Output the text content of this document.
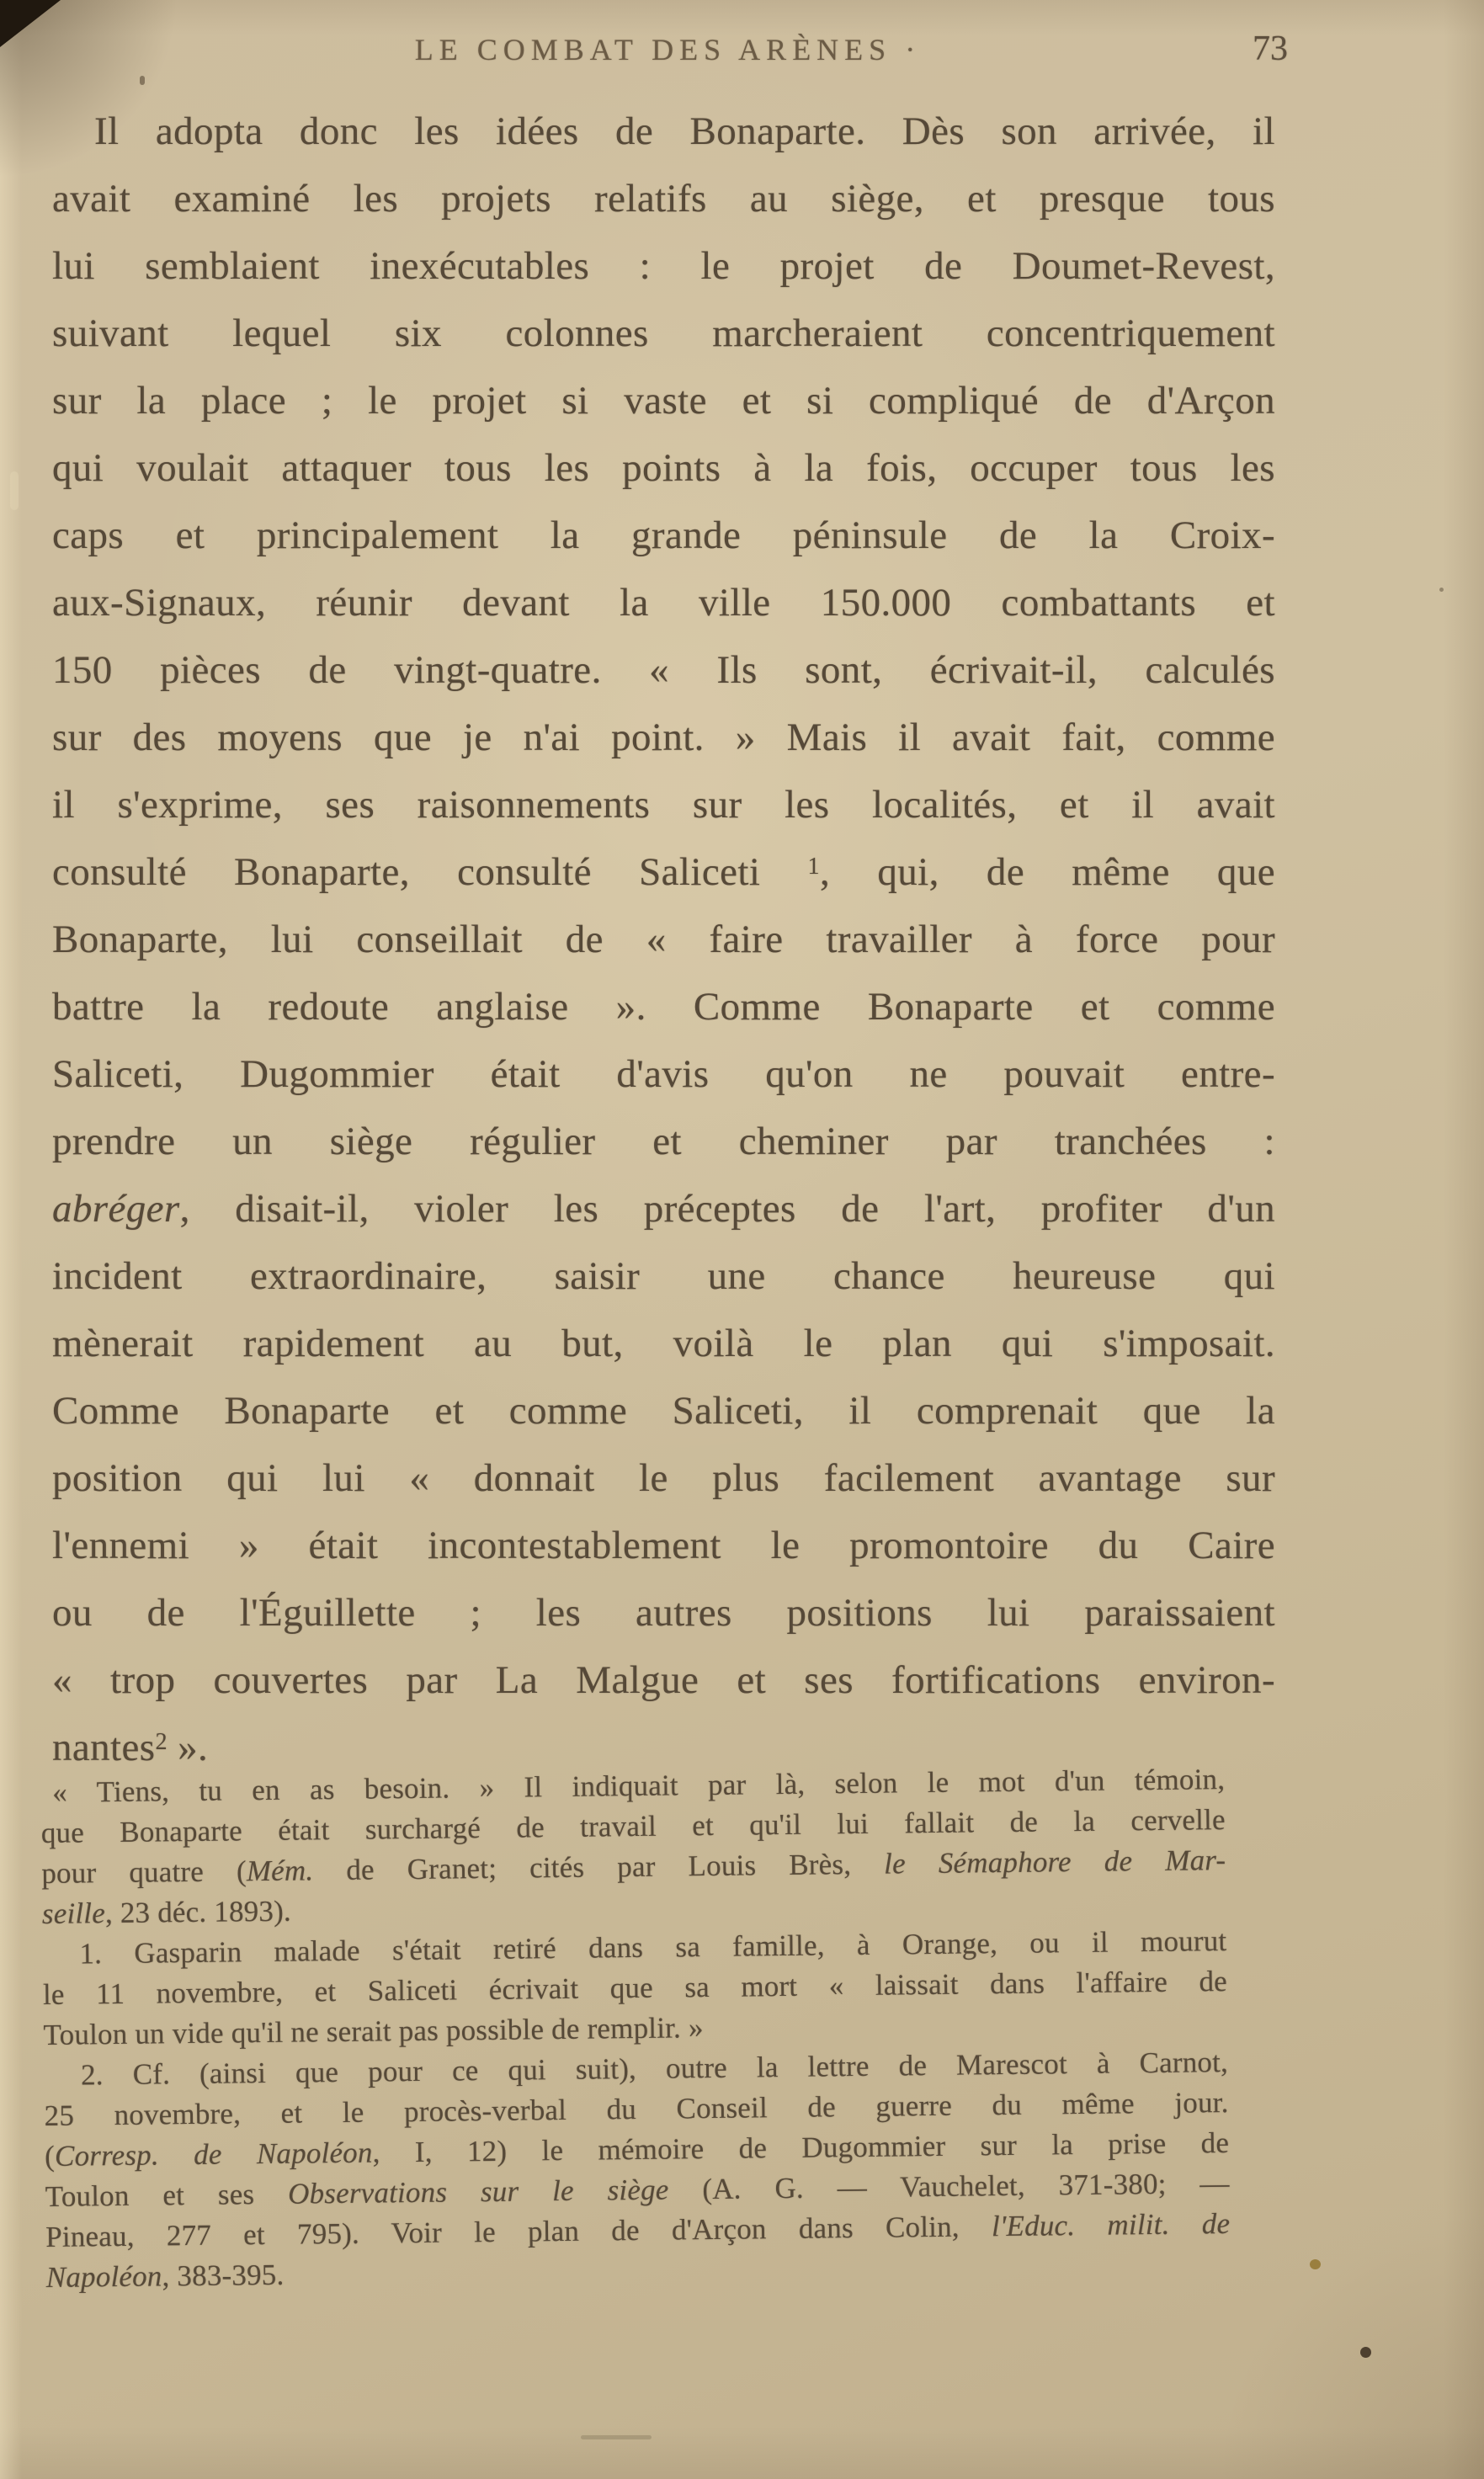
LE COMBAT DES ARÈNES ·	73
Il adopta donc les idées de Bonaparte. Dès son arrivée, il
avait examiné les projets relatifs au siège, et presque tous
lui semblaient inexécutables : le projet de Doumet-Revest,
suivant lequel six colonnes marcheraient concentriquement
sur la place ; le projet si vaste et si compliqué de d'Arçon
qui voulait attaquer tous les points à la fois, occuper tous les
caps et principalement la grande péninsule de la Croix-
aux-Signaux, réunir devant la ville 150.000 combattants et
150 pièces de vingt-quatre. « Ils sont, écrivait-il, calculés
sur des moyens que je n'ai point. » Mais il avait fait, comme
il s'exprime, ses raisonnements sur les localités, et il avait
consulté Bonaparte, consulté Saliceti $^1$, qui, de même que
Bonaparte, lui conseillait de « faire travailler à force pour
battre la redoute anglaise ». Comme Bonaparte et comme
Saliceti, Dugommier était d'avis qu'on ne pouvait entre-
prendre un siège régulier et cheminer par tranchées :
abréger, disait-il, violer les préceptes de l'art, profiter d'un
incident extraordinaire, saisir une chance heureuse qui
mènerait rapidement au but, voilà le plan qui s'imposait.
Comme Bonaparte et comme Saliceti, il comprenait que la
position qui lui « donnait le plus facilement avantage sur
l'ennemi » était incontestablement le promontoire du Caire
ou de l'Éguillette ; les autres positions lui paraissaient
« trop couvertes par La Malgue et ses fortifications environ-
nantes$^2$ ».
« Tiens, tu en as besoin. » Il indiquait par là, selon le mot d'un témoin,
que Bonaparte était surchargé de travail et qu'il lui fallait de la cervelle
pour quatre (Mém. de Granet; cités par Louis Brès, le Sémaphore de Mar-
seille, 23 déc. 1893).
1. Gasparin malade s'était retiré dans sa famille, à Orange, ou il mourut
le 11 novembre, et Saliceti écrivait que sa mort « laissait dans l'affaire de
Toulon un vide qu'il ne serait pas possible de remplir. »
2. Cf. (ainsi que pour ce qui suit), outre la lettre de Marescot à Carnot,
25 novembre, et le procès-verbal du Conseil de guerre du même jour.
(Corresp. de Napoléon, I, 12) le mémoire de Dugommier sur la prise de
Toulon et ses Observations sur le siège (A. G. — Vauchelet, 371-380; —
Pineau, 277 et 795). Voir le plan de d'Arçon dans Colin, l'Educ. milit. de
Napoléon, 383-395.
